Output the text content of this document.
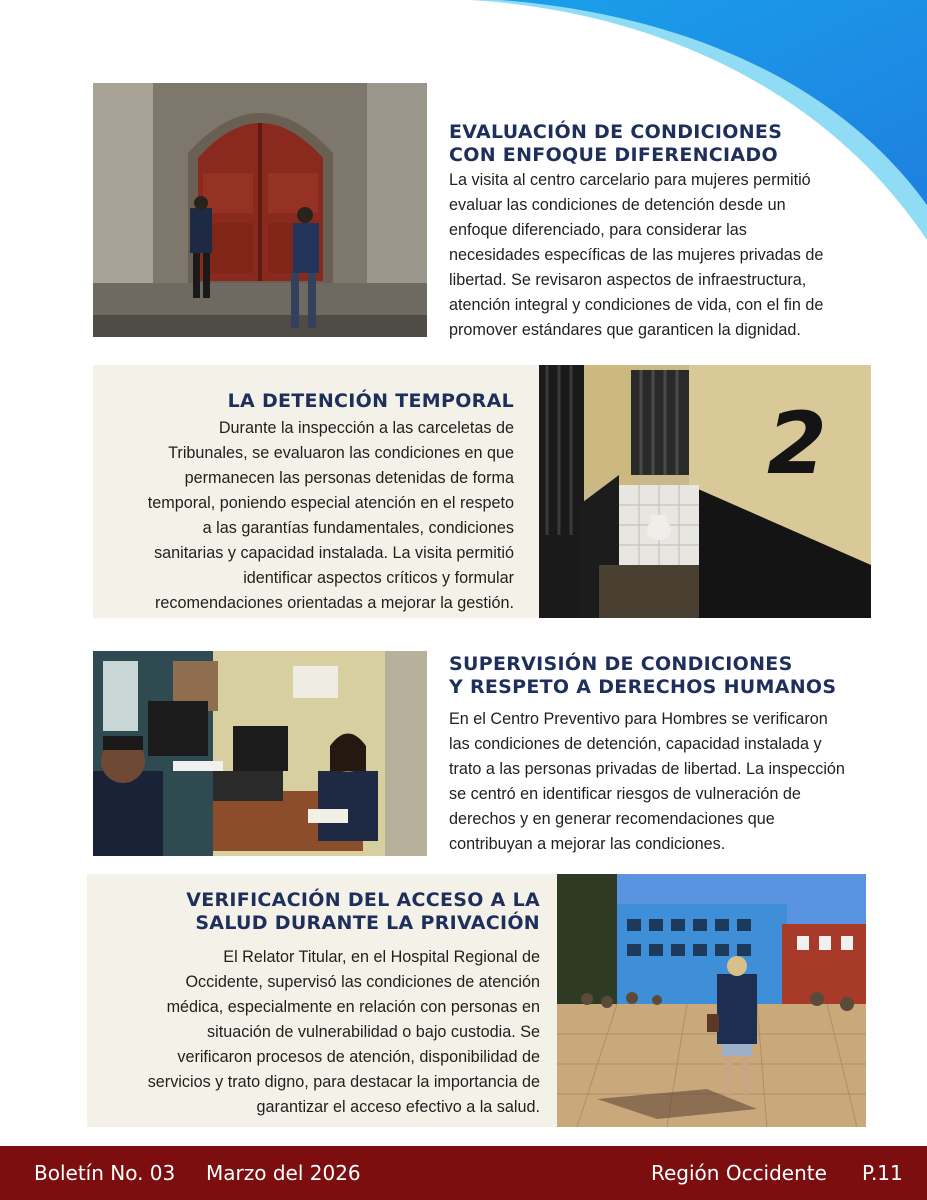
EVALUACIÓN DE CONDICIONES
CON ENFOQUE DIFERENCIADO
La visita al centro carcelario para mujeres permitió
evaluar las condiciones de detención desde un
enfoque diferenciado, para considerar las
necesidades específicas de las mujeres privadas de
libertad. Se revisaron aspectos de infraestructura,
atención integral y condiciones de vida, con el fin de
promover estándares que garanticen la dignidad.
2
LA DETENCIÓN TEMPORAL
Durante la inspección a las carceletas de
Tribunales, se evaluaron las condiciones en que
permanecen las personas detenidas de forma
temporal, poniendo especial atención en el respeto
a las garantías fundamentales, condiciones
sanitarias y capacidad instalada. La visita permitió
identificar aspectos críticos y formular
recomendaciones orientadas a mejorar la gestión.
SUPERVISIÓN DE CONDICIONES
Y RESPETO A DERECHOS HUMANOS
En el Centro Preventivo para Hombres se verificaron
las condiciones de detención, capacidad instalada y
trato a las personas privadas de libertad. La inspección
se centró en identificar riesgos de vulneración de
derechos y en generar recomendaciones que
contribuyan a mejorar las condiciones.
VERIFICACIÓN DEL ACCESO A LA
SALUD DURANTE LA PRIVACIÓN
El Relator Titular, en el Hospital Regional de
Occidente, supervisó las condiciones de atención
médica, especialmente en relación con personas en
situación de vulnerabilidad o bajo custodia. Se
verificaron procesos de atención, disponibilidad de
servicios y trato digno, para destacar la importancia de
garantizar el acceso efectivo a la salud.
Boletín No. 03 Marzo del 2026	Región Occidente P.11
